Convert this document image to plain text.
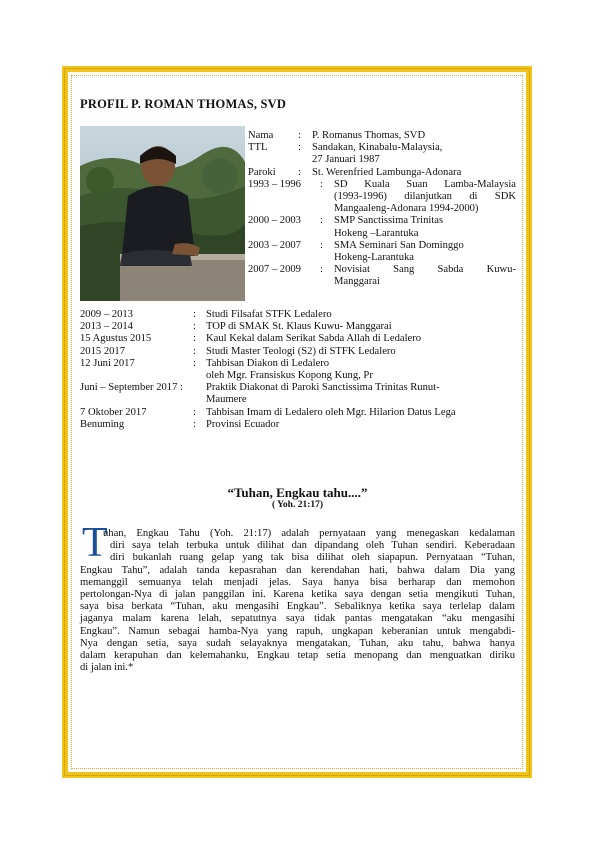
PROFIL P. ROMAN THOMAS, SVD
Nama	: P. Romanus Thomas, SVD
TTL	: Sandakan, Kinabalu-Malaysia,
27 Januari 1987
Paroki	: St. Werenfried Lambunga-Adonara
1993 – 1996	: SD Kuala Suan Lamba-Malaysia
(1993-1996) dilanjutkan di SDK
Mangaaleng-Adonara 1994-2000)
2000 – 2003	: SMP Sanctissima Trinitas
Hokeng –Larantuka
2003 – 2007	: SMA Seminari San Dominggo
Hokeng-Larantuka
2007 – 2009	: Novisiat Sang Sabda Kuwu-
Manggarai
2009 – 2013	: Studi Filsafat STFK Ledalero
2013 – 2014	: TOP di SMAK St. Klaus Kuwu- Manggarai
15 Agustus 2015	: Kaul Kekal dalam Serikat Sabda Allah di Ledalero
2015 2017	: Studi Master Teologi (S2) di STFK Ledalero
12 Juni 2017	: Tahbisan Diakon di Ledalero
oleh Mgr. Fransiskus Kopong Kung, Pr
Juni – September 2017 :	Praktik Diakonat di Paroki Sanctissima Trinitas Runut-
Maumere
7 Oktober 2017	: Tahbisan Imam di Ledalero oleh Mgr. Hilarion Datus Lega
Benuming	: Provinsi Ecuador
“Tuhan, Engkau tahu....”
( Yoh. 21:17)
T
uhan, Engkau Tahu (Yoh. 21:17) adalah pernyataan yang menegaskan kedalaman
diri saya telah terbuka untuk dilihat dan dipandang oleh Tuhan sendiri. Keberadaan
diri bukanlah ruang gelap yang tak bisa dilihat oleh siapapun. Pernyataan “Tuhan,
Engkau Tahu”, adalah tanda kepasrahan dan kerendahan hati, bahwa dalam Dia yang
memanggil semuanya telah menjadi jelas. Saya hanya bisa berharap dan memohon
pertolongan-Nya di jalan panggilan ini. Karena ketika saya dengan setia mengikuti Tuhan,
saya bisa berkata “Tuhan, aku mengasihi Engkau”. Sebaliknya ketika saya terlelap dalam
jaganya malam karena lelah, sepatutnya saya tidak pantas mengatakan “aku mengasihi
Engkau”. Namun sebagai hamba-Nya yang rapuh, ungkapan keberanian untuk mengabdi-
Nya dengan setia, saya sudah selayaknya mengatakan, Tuhan, aku tahu, bahwa hanya
dalam kerapuhan dan kelemahanku, Engkau tetap setia menopang dan menguatkan diriku
di jalan ini.*
